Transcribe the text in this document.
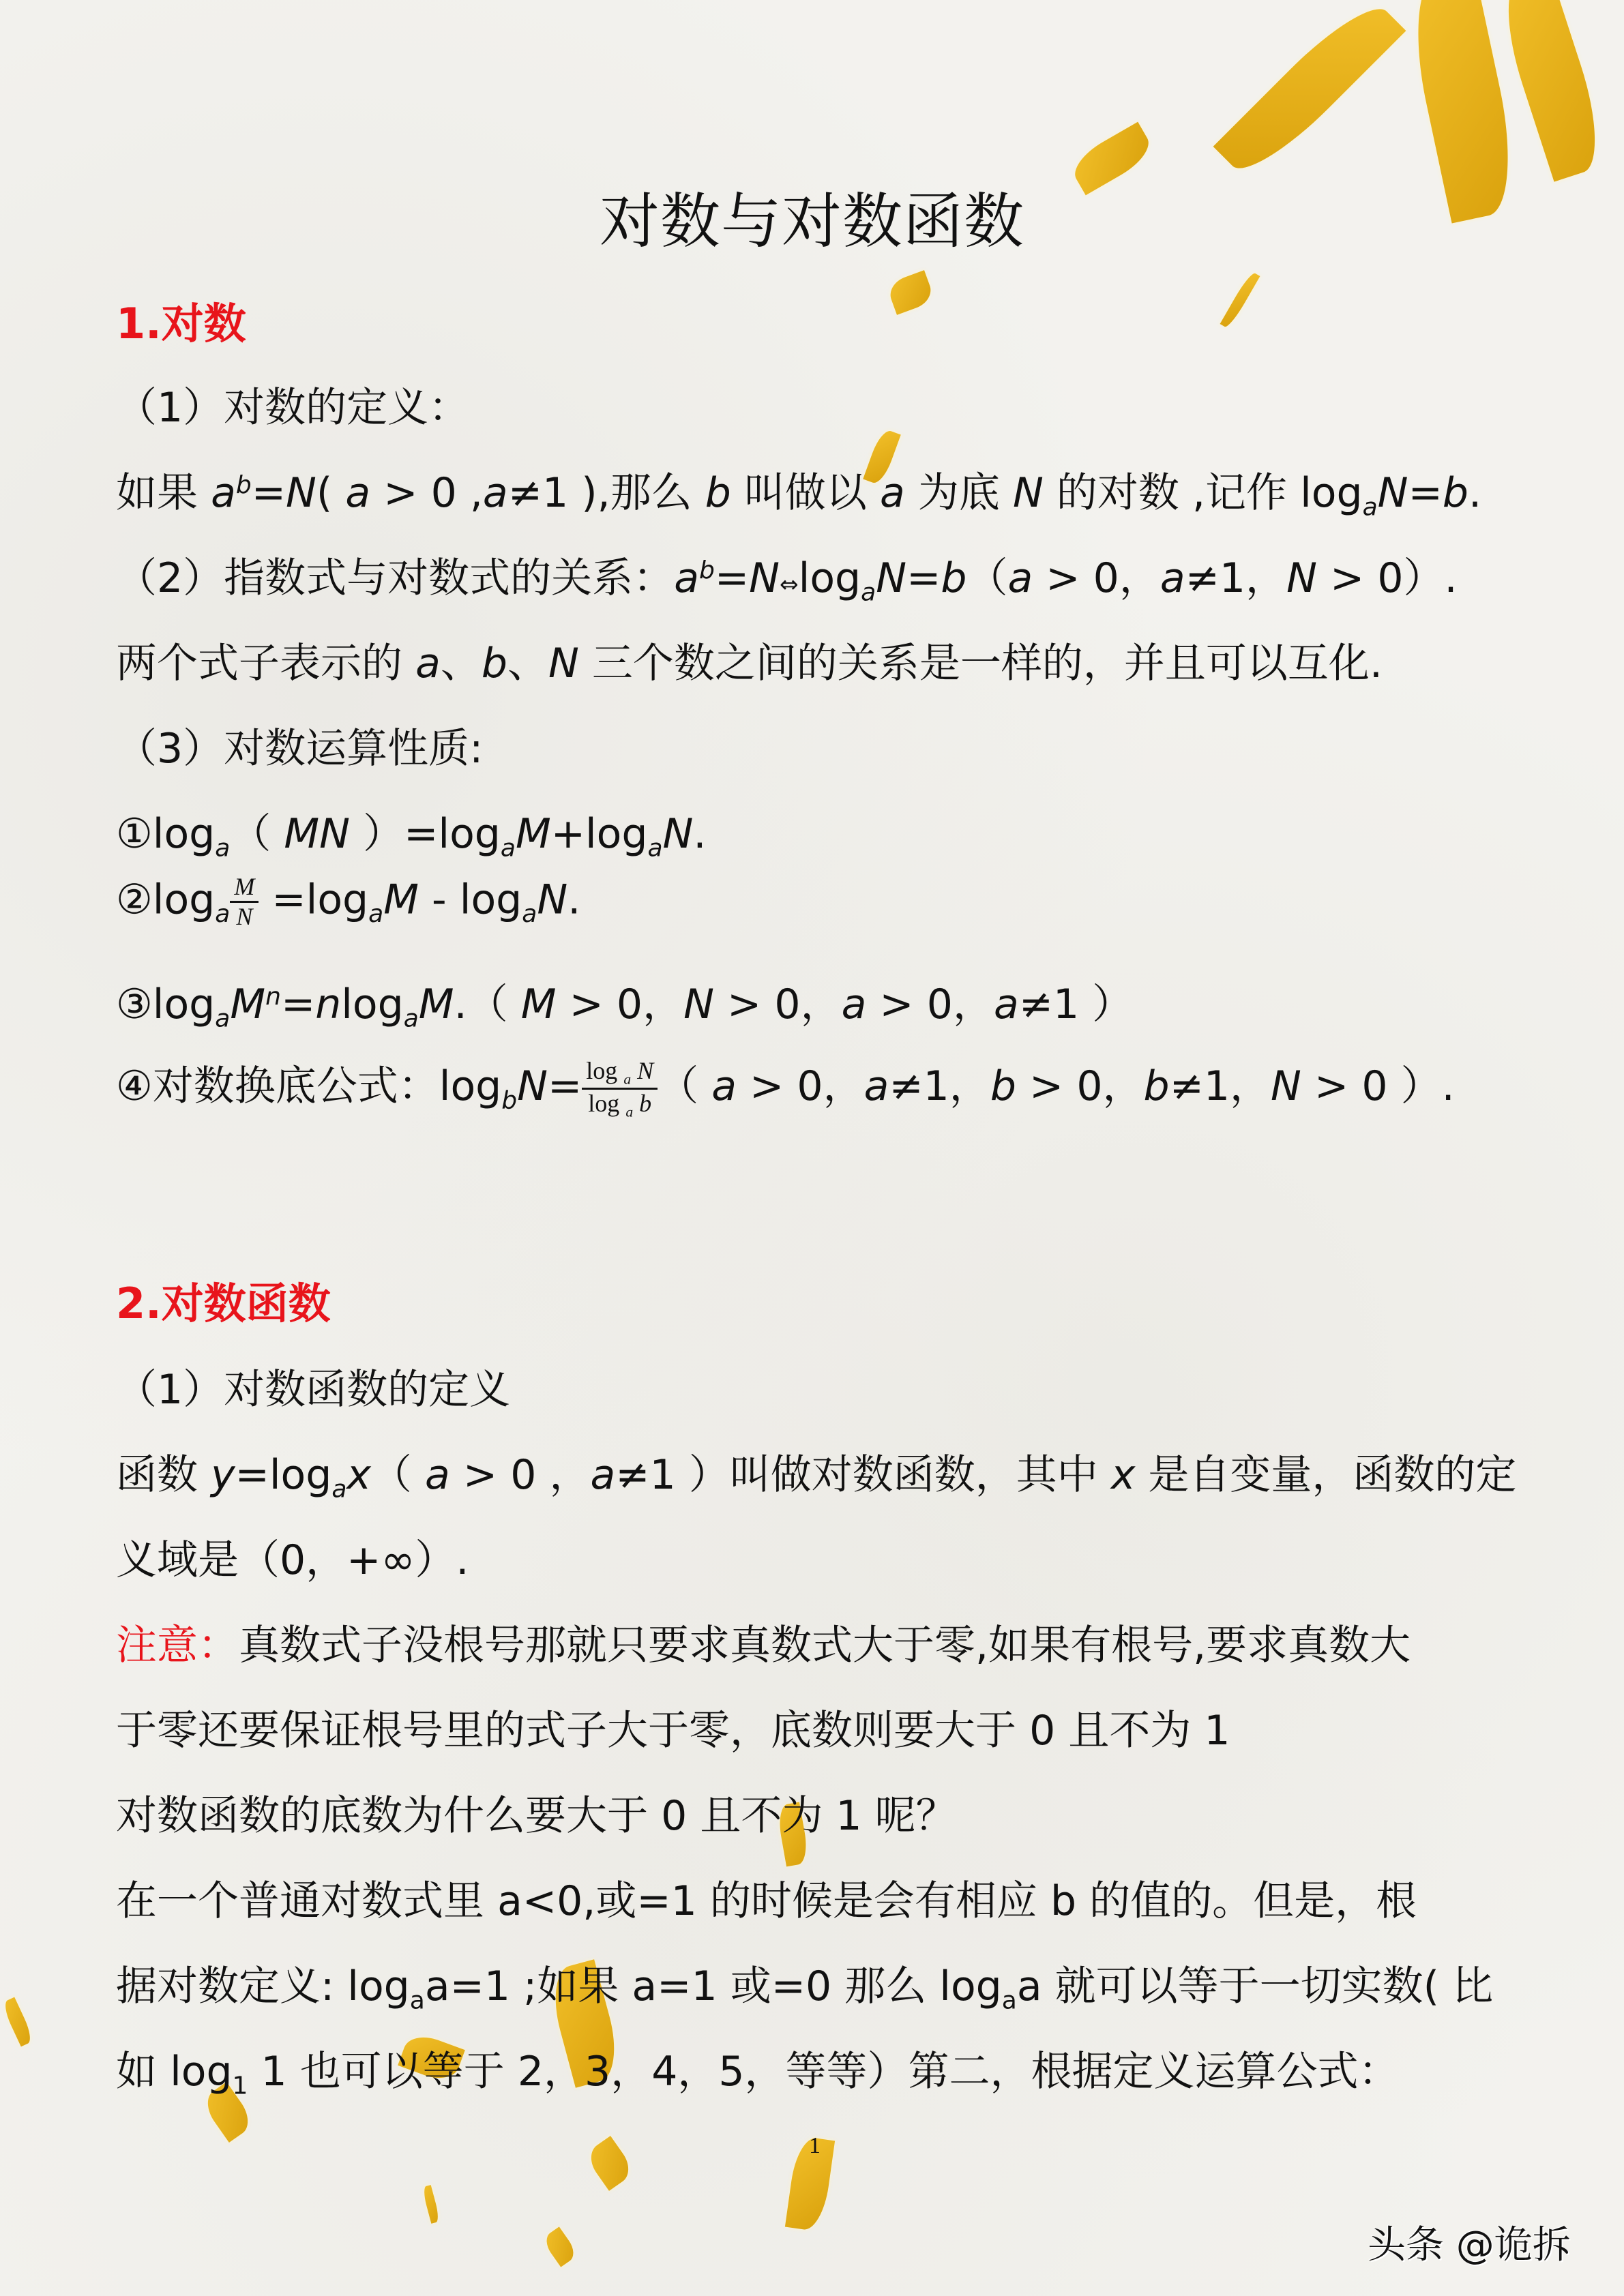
对数与对数函数
1.对数
（1）对数的定义：
如果 $a^b=N$( a > 0 ,a≠1 ),那么 b 叫做以 a 为底 N 的对数 ,记作 $\log_aN=b$.
（2）指数式与对数式的关系：$a^b=N\Leftrightarrow\log_aN=b(a > 0$，a≠1，N > 0）.
两个式子表示的 a、b、N 三个数之间的关系是一样的，并且可以互化.
（3）对数运算性质:
$①\log_a$（ MN ）$=\log_aM+\log_aN$.
$②\log_a \frac{M}{N} =\log_aM - \log_aN$.
$③\log_aM^n=nlog_aM$.（ M > 0，N > 0，a > 0，a≠1 ）
④对数换底公式：$\log_bN= \frac{\log _a N}{\log _a b}$ （ a > 0，a≠1，b > 0，b≠1，N > 0 ）.
2.对数函数
（1）对数函数的定义
函数 $y=\log_ax$（ a > 0 ，a≠1 ）叫做对数函数，其中 x 是自变量，函数的定
义域是（0，+∞）.
注意：真数式子没根号那就只要求真数式大于零,如果有根号,要求真数大
于零还要保证根号里的式子大于零，底数则要大于 0 且不为 1
对数函数的底数为什么要大于 0 且不为 1 呢？
在一个普通对数式里 a<0,或=1 的时候是会有相应 b 的值的。但是，根
据对数定义: $\log_aa=1$ ;如果 a=1 或=0 那么 $\log_aa$ 就可以等于一切实数( 比
如 $\log_1 1$ 也可以等于 2，3，4，5，等等）第二，根据定义运算公式：
1
头条 @诡拆
